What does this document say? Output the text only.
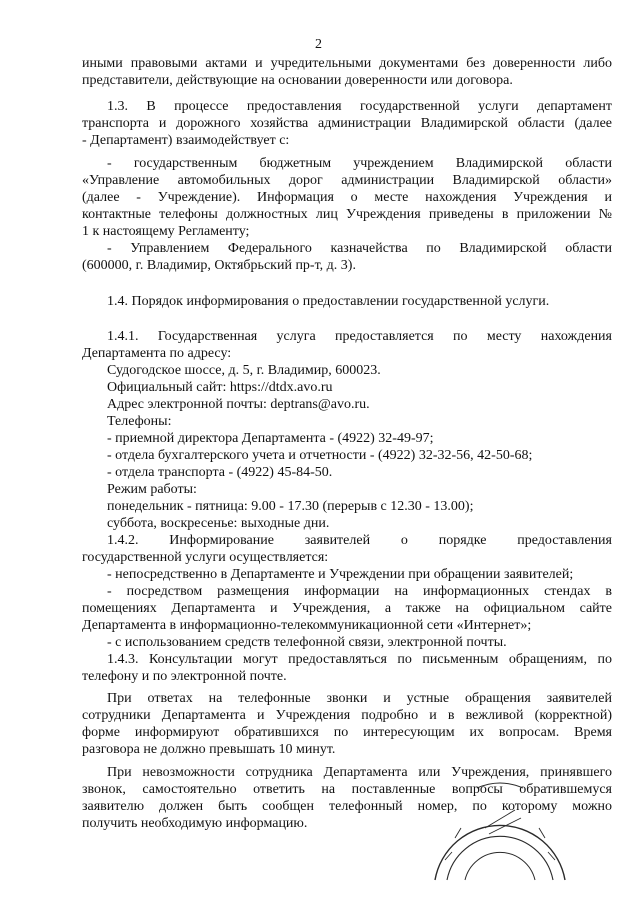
2
иными правовыми актами и учредительными документами без доверенности либо
представители, действующие на основании доверенности или договора.
1.3. В процессе предоставления государственной услуги департамент
транспорта и дорожного хозяйства администрации Владимирской области (далее
- Департамент) взаимодействует с:
- государственным бюджетным учреждением Владимирской области
«Управление автомобильных дорог администрации Владимирской области»
(далее - Учреждение). Информация о месте нахождения Учреждения и
контактные телефоны должностных лиц Учреждения приведены в приложении №
1 к настоящему Регламенту;
- Управлением Федерального казначейства по Владимирской области
(600000, г. Владимир, Октябрьский пр-т, д. 3).
1.4. Порядок информирования о предоставлении государственной услуги.
1.4.1. Государственная услуга предоставляется по месту нахождения
Департамента по адресу:
Судогодское шоссе, д. 5, г. Владимир, 600023.
Официальный сайт: https://dtdx.avo.ru
Адрес электронной почты: deptrans@avo.ru.
Телефоны:
- приемной директора Департамента - (4922) 32-49-97;
- отдела бухгалтерского учета и отчетности - (4922) 32-32-56, 42-50-68;
- отдела транспорта - (4922) 45-84-50.
Режим работы:
понедельник - пятница: 9.00 - 17.30 (перерыв с 12.30 - 13.00);
суббота, воскресенье: выходные дни.
1.4.2. Информирование заявителей о порядке предоставления
государственной услуги осуществляется:
- непосредственно в Департаменте и Учреждении при обращении заявителей;
- посредством размещения информации на информационных стендах в
помещениях Департамента и Учреждения, а также на официальном сайте
Департамента в информационно-телекоммуникационной сети «Интернет»;
- с использованием средств телефонной связи, электронной почты.
1.4.3. Консультации могут предоставляться по письменным обращениям, по
телефону и по электронной почте.
При ответах на телефонные звонки и устные обращения заявителей
сотрудники Департамента и Учреждения подробно и в вежливой (корректной)
форме информируют обратившихся по интересующим их вопросам. Время
разговора не должно превышать 10 минут.
При невозможности сотрудника Департамента или Учреждения, принявшего
звонок, самостоятельно ответить на поставленные вопросы обратившемуся
заявителю должен быть сообщен телефонный номер, по которому можно
получить необходимую информацию.
